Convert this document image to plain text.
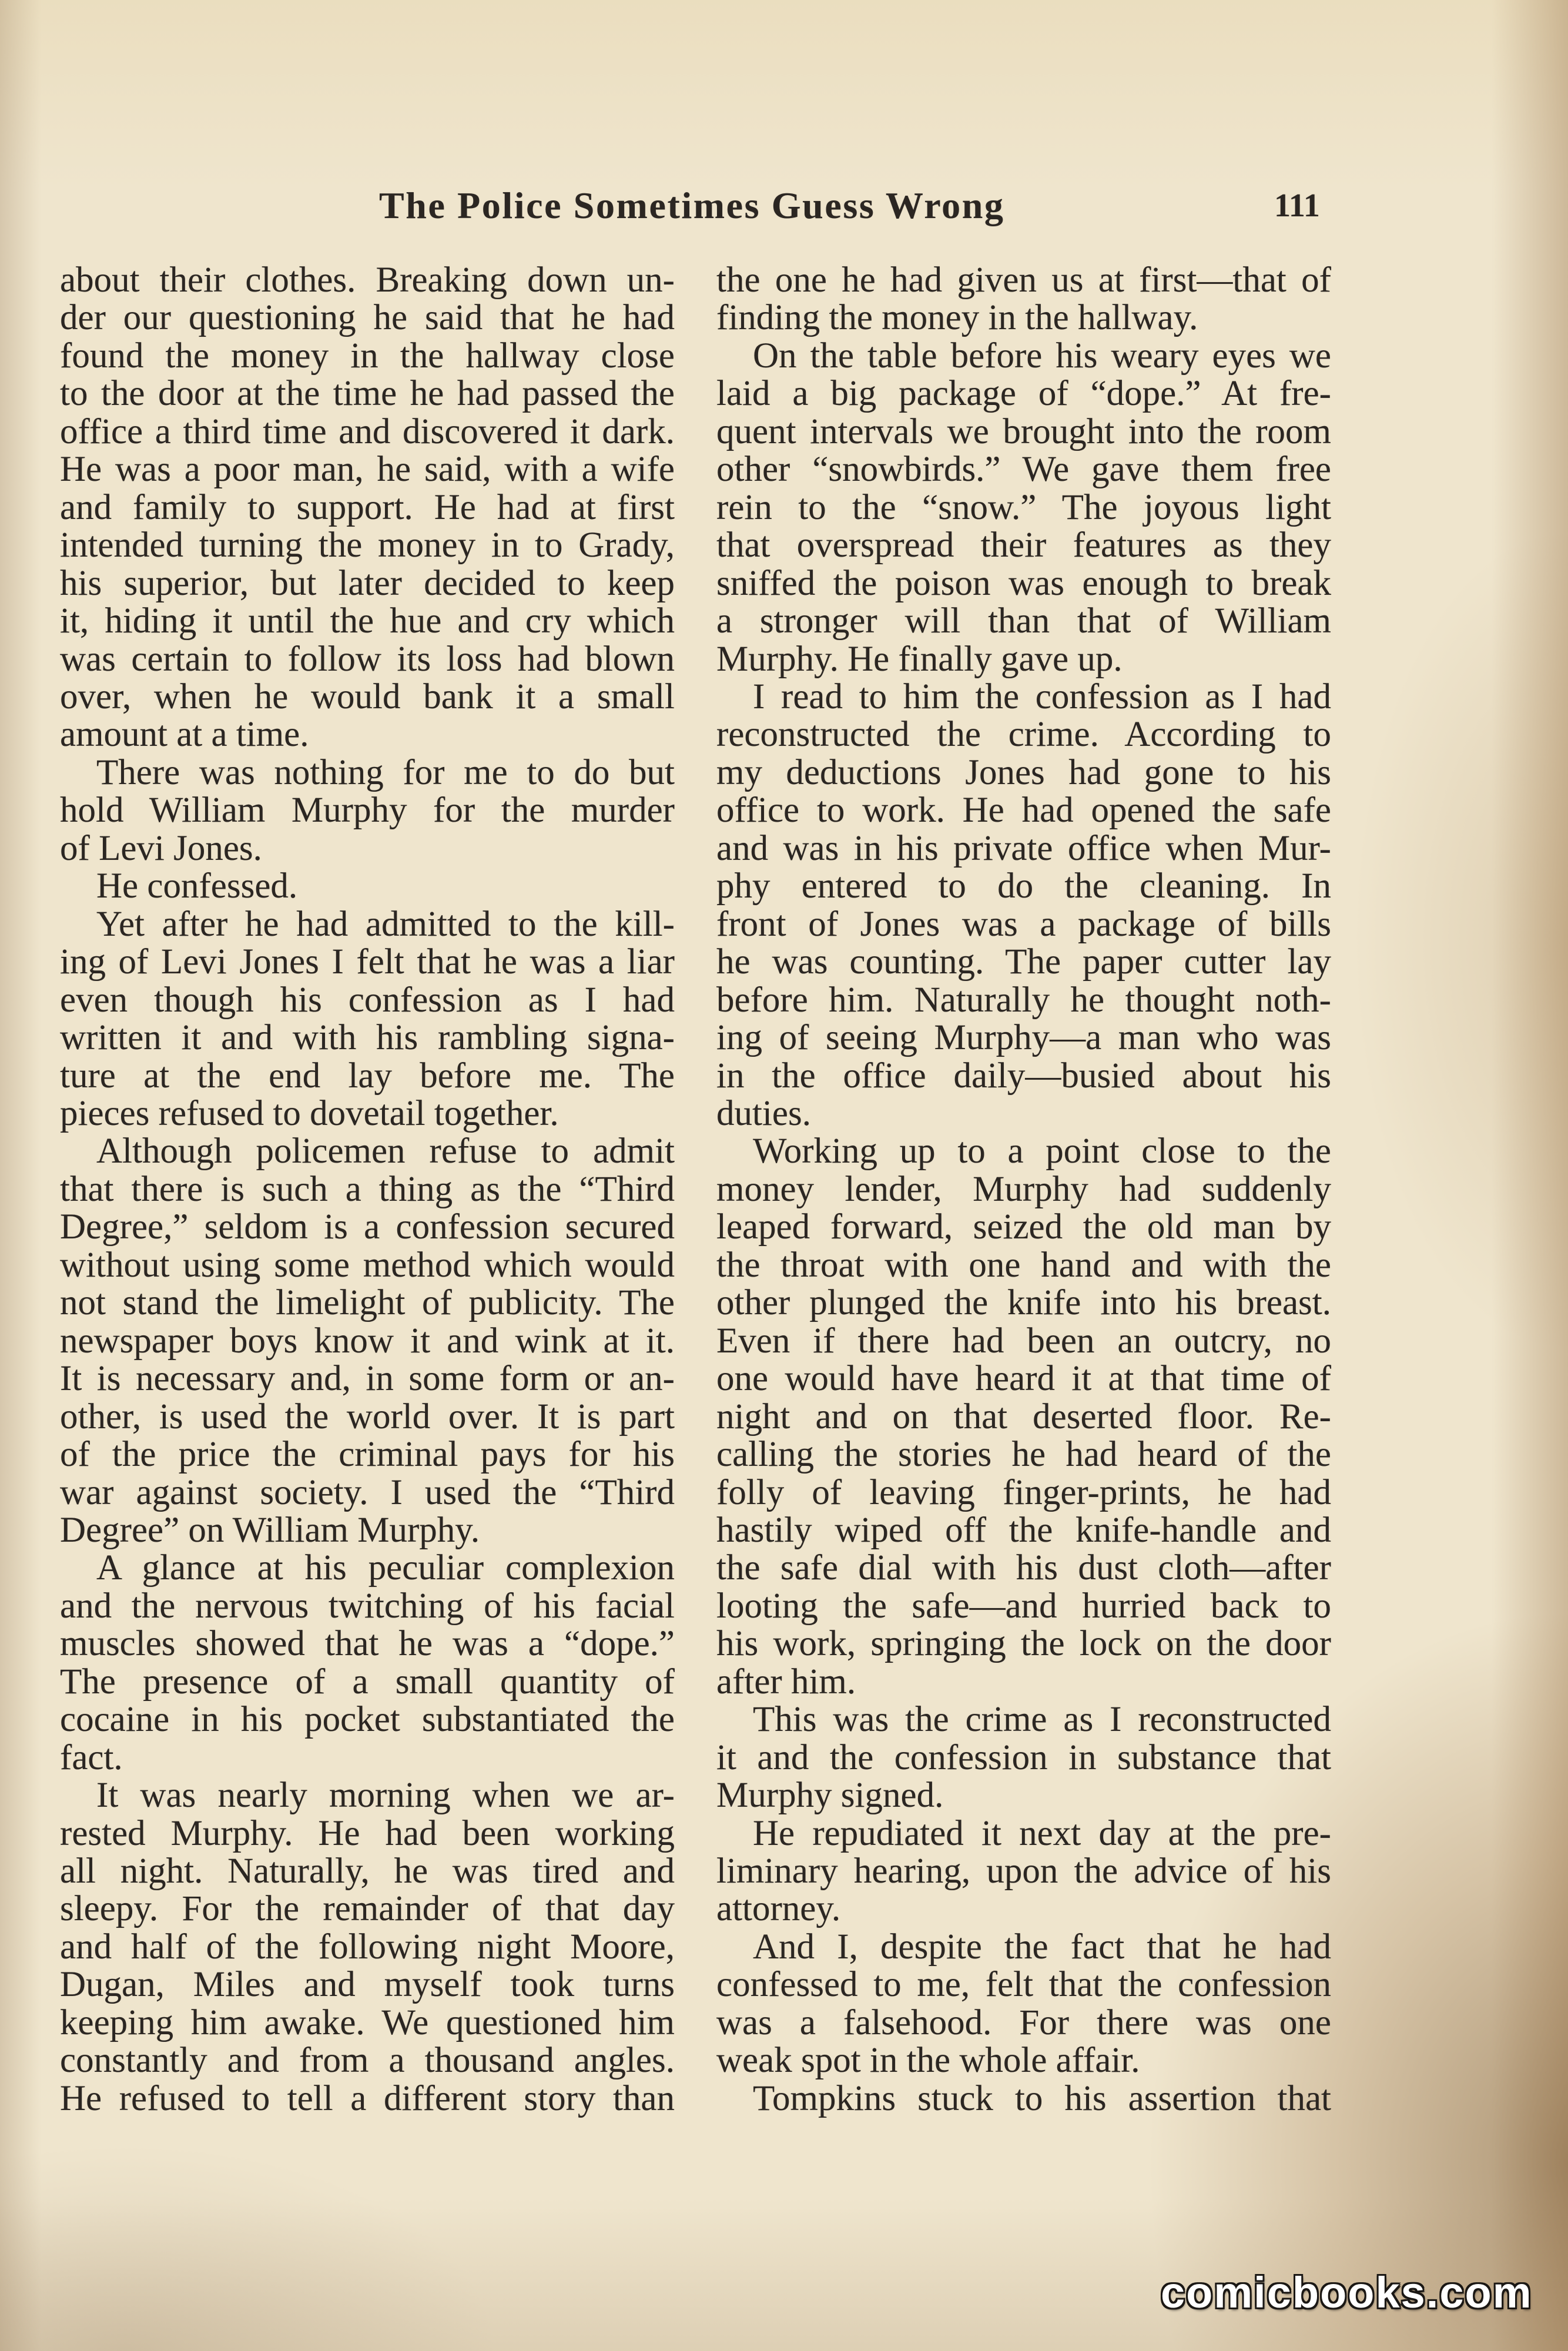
The Police Sometimes Guess Wrong	111
about their clothes. Breaking down un-
der our questioning he said that he had
found the money in the hallway close
to the door at the time he had passed the
office a third time and discovered it dark.
He was a poor man, he said, with a wife
and family to support. He had at first
intended turning the money in to Grady,
his superior, but later decided to keep
it, hiding it until the hue and cry which
was certain to follow its loss had blown
over, when he would bank it a small
amount at a time.
There was nothing for me to do but
hold William Murphy for the murder
of Levi Jones.
He confessed.
Yet after he had admitted to the kill-
ing of Levi Jones I felt that he was a liar
even though his confession as I had
written it and with his rambling signa-
ture at the end lay before me. The
pieces refused to dovetail together.
Although policemen refuse to admit
that there is such a thing as the “Third
Degree,” seldom is a confession secured
without using some method which would
not stand the limelight of publicity. The
newspaper boys know it and wink at it.
It is necessary and, in some form or an-
other, is used the world over. It is part
of the price the criminal pays for his
war against society. I used the “Third
Degree” on William Murphy.
A glance at his peculiar complexion
and the nervous twitching of his facial
muscles showed that he was a “dope.”
The presence of a small quantity of
cocaine in his pocket substantiated the
fact.
It was nearly morning when we ar-
rested Murphy. He had been working
all night. Naturally, he was tired and
sleepy. For the remainder of that day
and half of the following night Moore,
Dugan, Miles and myself took turns
keeping him awake. We questioned him
constantly and from a thousand angles.
He refused to tell a different story than
the one he had given us at first—that of
finding the money in the hallway.
On the table before his weary eyes we
laid a big package of “dope.” At fre-
quent intervals we brought into the room
other “snowbirds.” We gave them free
rein to the “snow.” The joyous light
that overspread their features as they
sniffed the poison was enough to break
a stronger will than that of William
Murphy. He finally gave up.
I read to him the confession as I had
reconstructed the crime. According to
my deductions Jones had gone to his
office to work. He had opened the safe
and was in his private office when Mur-
phy entered to do the cleaning. In
front of Jones was a package of bills
he was counting. The paper cutter lay
before him. Naturally he thought noth-
ing of seeing Murphy—a man who was
in the office daily—busied about his
duties.
Working up to a point close to the
money lender, Murphy had suddenly
leaped forward, seized the old man by
the throat with one hand and with the
other plunged the knife into his breast.
Even if there had been an outcry, no
one would have heard it at that time of
night and on that deserted floor. Re-
calling the stories he had heard of the
folly of leaving finger-prints, he had
hastily wiped off the knife-handle and
the safe dial with his dust cloth—after
looting the safe—and hurried back to
his work, springing the lock on the door
after him.
This was the crime as I reconstructed
it and the confession in substance that
Murphy signed.
He repudiated it next day at the pre-
liminary hearing, upon the advice of his
attorney.
And I, despite the fact that he had
confessed to me, felt that the confession
was a falsehood. For there was one
weak spot in the whole affair.
Tompkins stuck to his assertion that
comicbooks.com
